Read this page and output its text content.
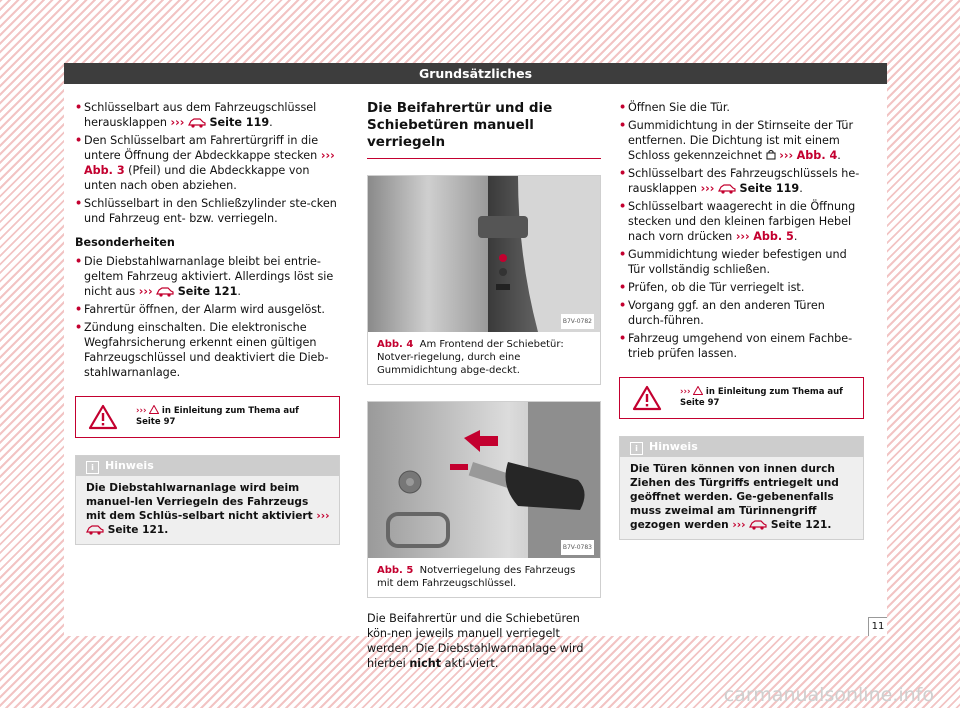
Grundsätzliches
• Schlüsselbart aus dem Fahrzeugschlüssel herausklappen ››› Seite 119.
• Den Schlüsselbart am Fahrertürgriff in die untere Öffnung der Abdeckkappe stecken ››› Abb. 3 (Pfeil) und die Abdeckkappe von unten nach oben abziehen.
• Schlüsselbart in den Schließzylinder ste-cken und Fahrzeug ent- bzw. verriegeln.
Besonderheiten
• Die Diebstahlwarnanlage bleibt bei entrie-geltem Fahrzeug aktiviert. Allerdings löst sie nicht aus ››› Seite 121.
• Fahrertür öffnen, der Alarm wird ausgelöst.
• Zündung einschalten. Die elektronische Wegfahrsicherung erkennt einen gültigen Fahrzeugschlüssel und deaktiviert die Dieb-stahlwarnanlage.
››› in Einleitung zum Thema auf
Seite 97
i Hinweis
Die Diebstahlwarnanlage wird beim manuel-len Verriegeln des Fahrzeugs mit dem Schlüs-selbart nicht aktiviert ›››  Seite 121.
Die Beifahrertür und die Schiebetüren manuell verriegeln
B7V-0782
Abb. 4 Am Frontend der Schiebetür: Notver-riegelung, durch eine Gummidichtung abge-deckt.
B7V-0783
Abb. 5 Notverriegelung des Fahrzeugs mit dem Fahrzeugschlüssel.
Die Beifahrertür und die Schiebetüren kön-nen jeweils manuell verriegelt werden. Die Diebstahlwarnanlage wird hierbei nicht akti-viert.
• Öffnen Sie die Tür.
• Gummidichtung in der Stirnseite der Tür entfernen. Die Dichtung ist mit einem Schloss gekennzeichnet  ››› Abb. 4.
• Schlüsselbart des Fahrzeugschlüssels he-rausklappen ››› Seite 119.
• Schlüsselbart waagerecht in die Öffnung stecken und den kleinen farbigen Hebel nach vorn drücken ››› Abb. 5.
• Gummidichtung wieder befestigen und Tür vollständig schließen.
• Prüfen, ob die Tür verriegelt ist.
• Vorgang ggf. an den anderen Türen durch-führen.
• Fahrzeug umgehend von einem Fachbe-trieb prüfen lassen.
››› in Einleitung zum Thema auf
Seite 97
i Hinweis
Die Türen können von innen durch Ziehen des Türgriffs entriegelt und geöffnet werden. Ge-gebenenfalls muss zweimal am Türinnengriff gezogen werden ››› Seite 121.
11
carmanualsonline.info
